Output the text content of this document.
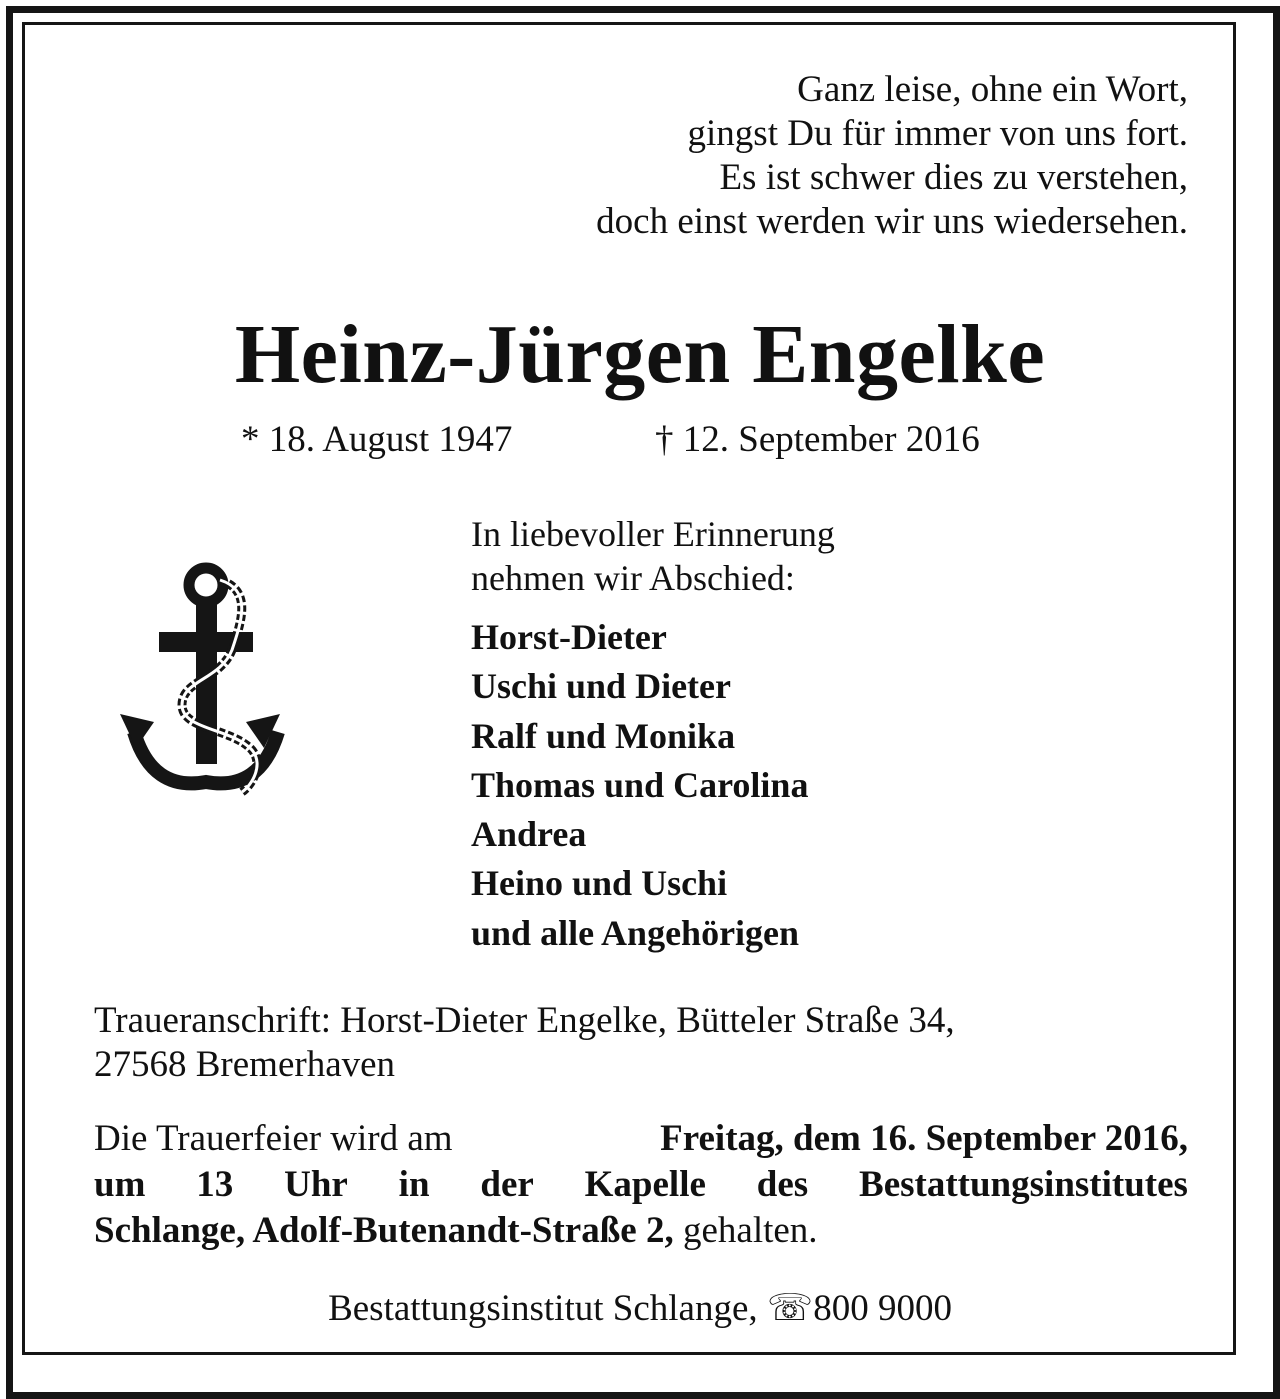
Ganz leise, ohne ein Wort,
gingst Du für immer von uns fort.
Es ist schwer dies zu verstehen,
doch einst werden wir uns wiedersehen.
Heinz-Jürgen Engelke
* 18. August 1947	† 12. September 2016
In liebevoller Erinnerung
nehmen wir Abschied:
Horst-Dieter
Uschi und Dieter
Ralf und Monika
Thomas und Carolina
Andrea
Heino und Uschi
und alle Angehörigen
Traueranschrift: Horst-Dieter Engelke, Bütteler Straße 34,
27568 Bremerhaven
Die Trauerfeier wird am	Freitag, dem 16. September 2016,
um 13 Uhr in der Kapelle des Bestattungsinstitutes
Schlange, Adolf-Butenandt-Straße 2, gehalten.
Bestattungsinstitut Schlange, ☏800 9000
